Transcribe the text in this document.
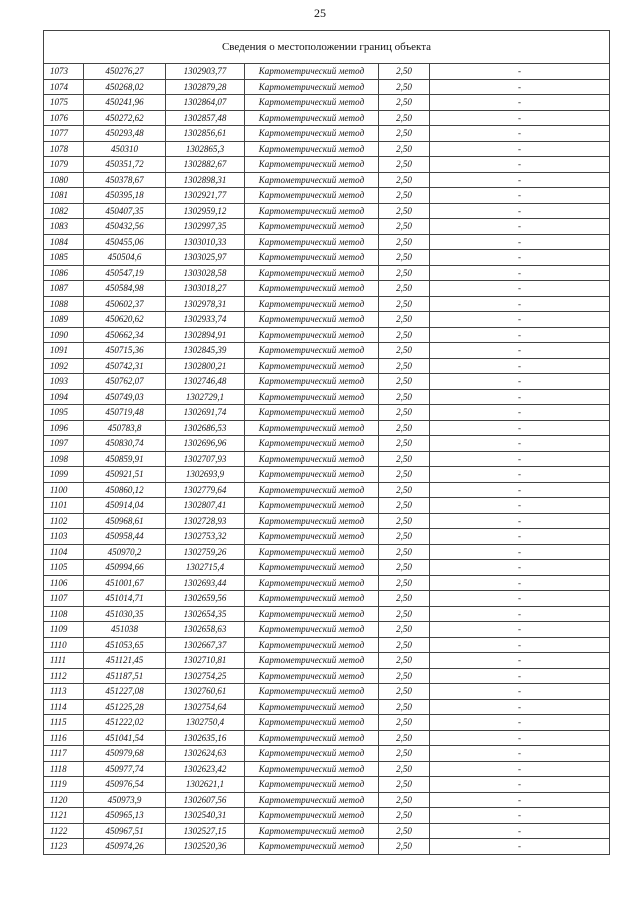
25
Сведения о местоположении границ объекта					
1073	450276,27	1302903,77	Картометрический метод	2,50	-
1074	450268,02	1302879,28	Картометрический метод	2,50	-
1075	450241,96	1302864,07	Картометрический метод	2,50	-
1076	450272,62	1302857,48	Картометрический метод	2,50	-
1077	450293,48	1302856,61	Картометрический метод	2,50	-
1078	450310	1302865,3	Картометрический метод	2,50	-
1079	450351,72	1302882,67	Картометрический метод	2,50	-
1080	450378,67	1302898,31	Картометрический метод	2,50	-
1081	450395,18	1302921,77	Картометрический метод	2,50	-
1082	450407,35	1302959,12	Картометрический метод	2,50	-
1083	450432,56	1302997,35	Картометрический метод	2,50	-
1084	450455,06	1303010,33	Картометрический метод	2,50	-
1085	450504,6	1303025,97	Картометрический метод	2,50	-
1086	450547,19	1303028,58	Картометрический метод	2,50	-
1087	450584,98	1303018,27	Картометрический метод	2,50	-
1088	450602,37	1302978,31	Картометрический метод	2,50	-
1089	450620,62	1302933,74	Картометрический метод	2,50	-
1090	450662,34	1302894,91	Картометрический метод	2,50	-
1091	450715,36	1302845,39	Картометрический метод	2,50	-
1092	450742,31	1302800,21	Картометрический метод	2,50	-
1093	450762,07	1302746,48	Картометрический метод	2,50	-
1094	450749,03	1302729,1	Картометрический метод	2,50	-
1095	450719,48	1302691,74	Картометрический метод	2,50	-
1096	450783,8	1302686,53	Картометрический метод	2,50	-
1097	450830,74	1302696,96	Картометрический метод	2,50	-
1098	450859,91	1302707,93	Картометрический метод	2,50	-
1099	450921,51	1302693,9	Картометрический метод	2,50	-
1100	450860,12	1302779,64	Картометрический метод	2,50	-
1101	450914,04	1302807,41	Картометрический метод	2,50	-
1102	450968,61	1302728,93	Картометрический метод	2,50	-
1103	450958,44	1302753,32	Картометрический метод	2,50	-
1104	450970,2	1302759,26	Картометрический метод	2,50	-
1105	450994,66	1302715,4	Картометрический метод	2,50	-
1106	451001,67	1302693,44	Картометрический метод	2,50	-
1107	451014,71	1302659,56	Картометрический метод	2,50	-
1108	451030,35	1302654,35	Картометрический метод	2,50	-
1109	451038	1302658,63	Картометрический метод	2,50	-
1110	451053,65	1302667,37	Картометрический метод	2,50	-
1111	451121,45	1302710,81	Картометрический метод	2,50	-
1112	451187,51	1302754,25	Картометрический метод	2,50	-
1113	451227,08	1302760,61	Картометрический метод	2,50	-
1114	451225,28	1302754,64	Картометрический метод	2,50	-
1115	451222,02	1302750,4	Картометрический метод	2,50	-
1116	451041,54	1302635,16	Картометрический метод	2,50	-
1117	450979,68	1302624,63	Картометрический метод	2,50	-
1118	450977,74	1302623,42	Картометрический метод	2,50	-
1119	450976,54	1302621,1	Картометрический метод	2,50	-
1120	450973,9	1302607,56	Картометрический метод	2,50	-
1121	450965,13	1302540,31	Картометрический метод	2,50	-
1122	450967,51	1302527,15	Картометрический метод	2,50	-
1123	450974,26	1302520,36	Картометрический метод	2,50	-
